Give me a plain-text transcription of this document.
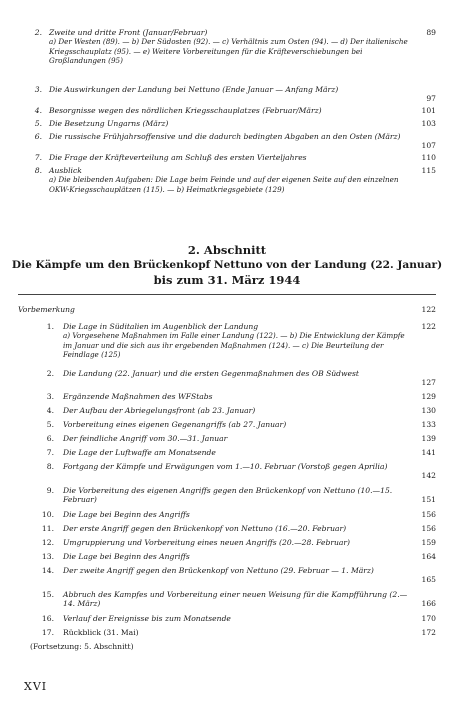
2. Zweite und dritte Front (Januar/Februar)
a) Der Westen (89). — b) Der Südosten (92). — c) Verhältnis zum Osten (94). — d) Der italienische Kriegsschauplatz (95). — e) Weitere Vorbereitungen für die Kräfteverschiebungen bei Großlandungen (95)
89
3. Die Auswirkungen der Landung bei Nettuno (Ende Januar — Anfang März)
97
4. Besorgnisse wegen des nördlichen Kriegsschauplatzes (Februar/März)	101
5. Die Besetzung Ungarns (März)	103
6. Die russische Frühjahrsoffensive und die dadurch bedingten Abgaben an den Osten (März)
107
7. Die Frage der Kräfteverteilung am Schluß des ersten Vierteljahres	110
8. Ausblick
a) Die bleibenden Aufgaben: Die Lage beim Feinde und auf der eigenen Seite auf den einzelnen OKW-Kriegsschauplätzen (115). — b) Heimatkriegsgebiete (129)
115
2. Abschnitt
Die Kämpfe um den Brückenkopf Nettuno von der Landung (22. Januar)
bis zum 31. März 1944
Vorbemerkung	122
1. Die Lage in Süditalien im Augenblick der Landung
a) Vorgesehene Maßnahmen im Falle einer Landung (122). — b) Die Entwicklung der Kämpfe im Januar und die sich aus ihr ergebenden Maßnahmen (124). — c) Die Beurteilung der Feindlage (125)
122
2. Die Landung (22. Januar) und die ersten Gegenmaßnahmen des OB Südwest
127
3. Ergänzende Maßnahmen des WFStabs	129
4. Der Aufbau der Abriegelungsfront (ab 23. Januar)	130
5. Vorbereitung eines eigenen Gegenangriffs (ab 27. Januar)	133
6. Der feindliche Angriff vom 30.—31. Januar	139
7. Die Lage der Luftwaffe am Monatsende	141
8. Fortgang der Kämpfe und Erwägungen vom 1.—10. Februar (Vorstoß gegen Aprilia)
142
9. Die Vorbereitung des eigenen Angriffs gegen den Brückenkopf von Nettuno (10.—15. Februar)	151
10. Die Lage bei Beginn des Angriffs	156
11. Der erste Angriff gegen den Brückenkopf von Nettuno (16.—20. Februar)	156
12. Umgruppierung und Vorbereitung eines neuen Angriffs (20.—28. Februar)	159
13. Die Lage bei Beginn des Angriffs	164
14. Der zweite Angriff gegen den Brückenkopf von Nettuno (29. Februar — 1. März)
165
15. Abbruch des Kampfes und Vorbereitung einer neuen Weisung für die Kampfführung (2.—14. März)	166
16. Verlauf der Ereignisse bis zum Monatsende	170
17. Rückblick (31. Mai)	172
(Fortsetzung: 5. Abschnitt)
XVI
